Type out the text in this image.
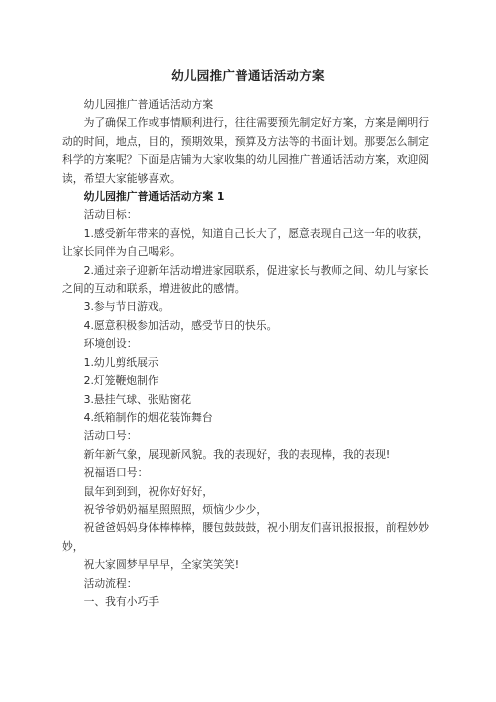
幼儿园推广普通话活动方案

幼儿园推广普通话活动方案

为了确保工作或事情顺利进行，往往需要预先制定好方案，方案是阐明行动的时间，地点，目的，预期效果，预算及方法等的书面计划。那要怎么制定科学的方案呢？下面是店铺为大家收集的幼儿园推广普通话活动方案，欢迎阅读，希望大家能够喜欢。

幼儿园推广普通话活动方案 1

活动目标：

1.感受新年带来的喜悦，知道自己长大了，愿意表现自己这一年的收获，让家长同伴为自己喝彩。

2.通过亲子迎新年活动增进家园联系，促进家长与教师之间、幼儿与家长之间的互动和联系，增进彼此的感情。

3.参与节日游戏。

4.愿意积极参加活动，感受节日的快乐。

环境创设：

1.幼儿剪纸展示

2.灯笼鞭炮制作

3.悬挂气球、张贴窗花

4.纸箱制作的烟花装饰舞台

活动口号：

新年新气象，展现新风貌。我的表现好，我的表现棒，我的表现!

祝福语口号：

鼠年到到到，祝你好好好，

祝爷爷奶奶福星照照照，烦恼少少少，

祝爸爸妈妈身体棒棒棒，腰包鼓鼓鼓，祝小朋友们喜讯报报报，前程妙妙妙，

祝大家圆梦早早早，全家笑笑笑!

活动流程：

一、我有小巧手
